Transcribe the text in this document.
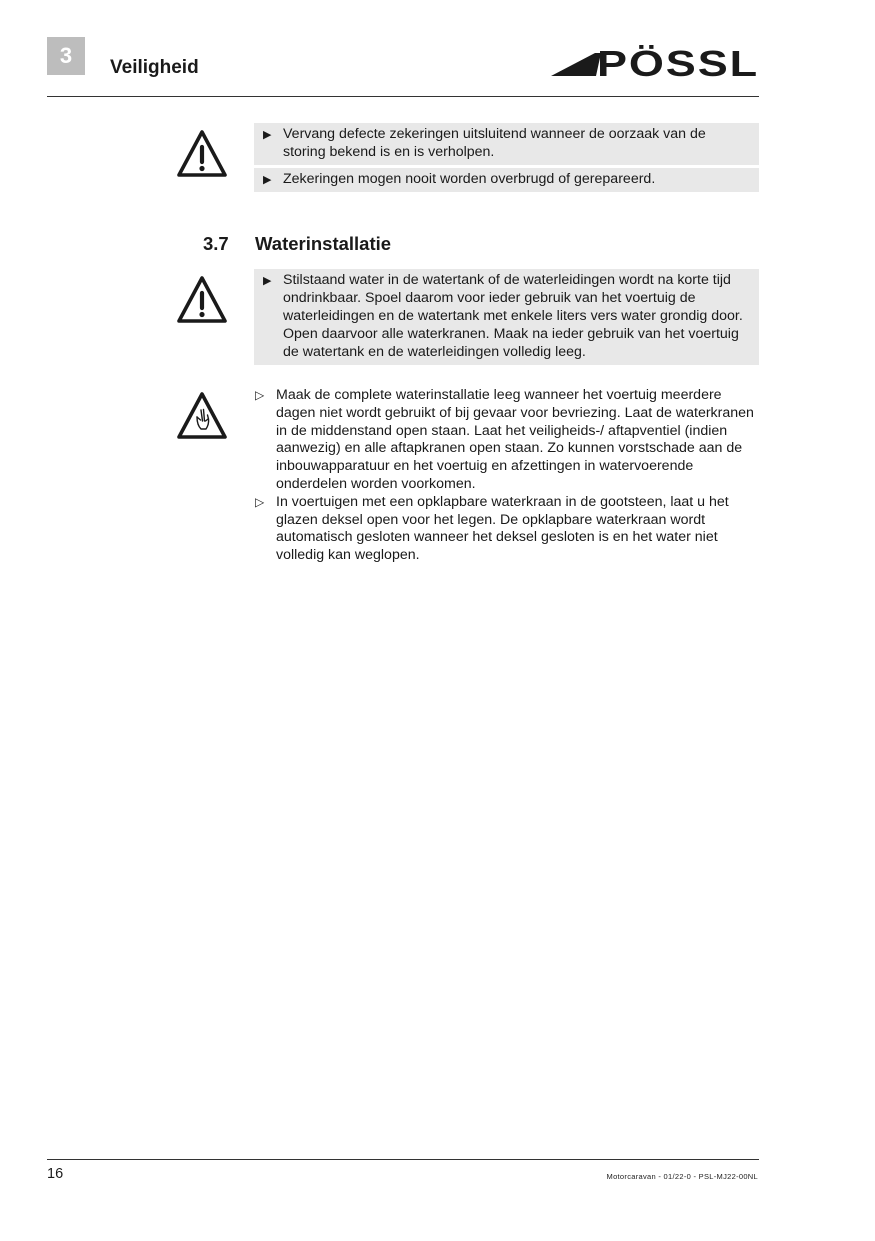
3 Veiligheid	PÖSSL
▶ Vervang defecte zekeringen uitsluitend wanneer de oorzaak van de storing bekend is en is verholpen.
▶ Zekeringen mogen nooit worden overbrugd of gerepareerd.
3.7 Waterinstallatie
▶ Stilstaand water in de watertank of de waterleidingen wordt na korte tijd ondrinkbaar. Spoel daarom voor ieder gebruik van het voertuig de waterleidingen en de watertank met enkele liters vers water grondig door. Open daarvoor alle waterkranen. Maak na ieder gebruik van het voertuig de watertank en de waterleidingen volledig leeg.
▷ Maak de complete waterinstallatie leeg wanneer het voertuig meerdere dagen niet wordt gebruikt of bij gevaar voor bevriezing. Laat de waterkranen in de middenstand open staan. Laat het veiligheids-/ aftapventiel (indien aanwezig) en alle aftapkranen open staan. Zo kunnen vorstschade aan de inbouwapparatuur en het voertuig en afzettingen in watervoerende onderdelen worden voorkomen.
▷ In voertuigen met een opklapbare waterkraan in de gootsteen, laat u het glazen deksel open voor het legen. De opklapbare waterkraan wordt automatisch gesloten wanneer het deksel gesloten is en het water niet volledig kan weglopen.
16	Motorcaravan - 01/22-0 - PSL-MJ22-00NL
